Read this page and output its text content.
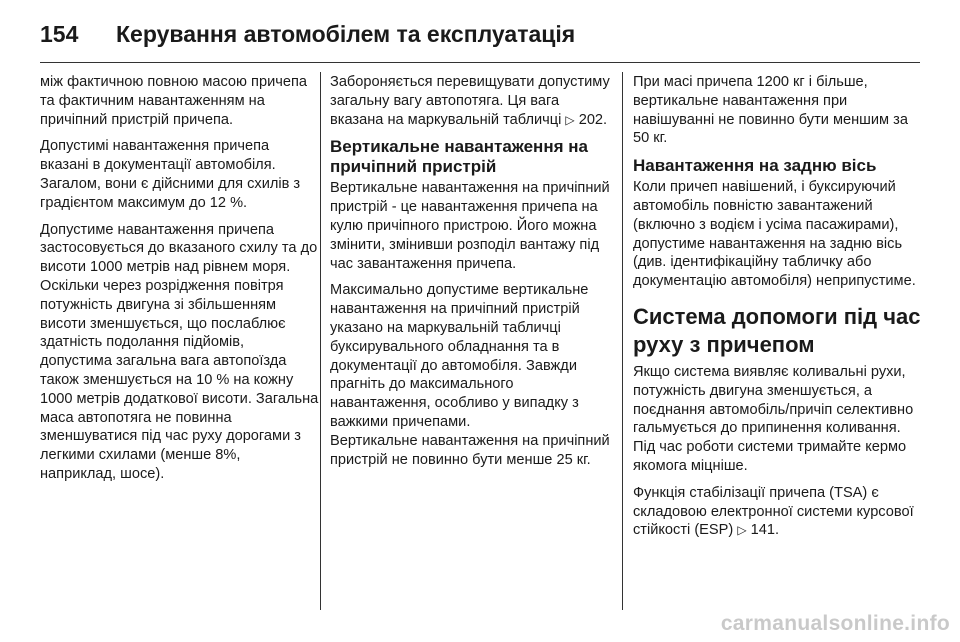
154	Керування автомобілем та експлуатація

між фактичною повною масою причепа та фактичним навантаженням на причіпний пристрій причепа.

Допустимі навантаження причепа вказані в документації автомобіля. Загалом, вони є дійсними для схилів з градієнтом максимум до 12 %.

Допустиме навантаження причепа застосовується до вказаного схилу та до висоти 1000 метрів над рівнем моря. Оскільки через розрідження повітря потужність двигуна зі збільшенням висоти зменшується, що послаблює здатність подолання підйомів, допустима загальна вага автопоїзда також зменшується на 10 % на кожну 1000 метрів додаткової висоти. Загальна маса автопотяга не повинна зменшуватися під час руху дорогами з легкими схилами (менше 8%, наприклад, шосе).

Забороняється перевищувати допустиму загальну вагу автопотяга. Ця вага вказана на маркувальній табличці ▷ 202.

Вертикальне навантаження на причіпний пристрій

Вертикальне навантаження на причіпний пристрій - це навантаження причепа на кулю причіпного пристрою. Його можна змінити, змінивши розподіл вантажу під час завантаження причепа.

Максимально допустиме вертикальне навантаження на причіпний пристрій указано на маркувальній табличці буксирувального обладнання та в документації до автомобіля. Завжди прагніть до максимального навантаження, особливо у випадку з важкими причепами.

Вертикальне навантаження на причіпний пристрій не повинно бути менше 25 кг.

При масі причепа 1200 кг і більше, вертикальне навантаження при навішуванні не повинно бути меншим за 50 кг.

Навантаження на задню вісь

Коли причеп навішений, і буксируючий автомобіль повністю завантажений (включно з водієм і усіма пасажирами), допустиме навантаження на задню вісь (див. ідентифікаційну табличку або документацію автомобіля) неприпустиме.

Система допомоги під час руху з причепом

Якщо система виявляє коливальні рухи, потужність двигуна зменшується, а поєднання автомобіль/причіп селективно гальмується до припинення коливання. Під час роботи системи тримайте кермо якомога міцніше.

Функція стабілізації причепа (TSA) є складовою електронної системи курсової стійкості (ESP) ▷ 141.

carmanualsonline.info
